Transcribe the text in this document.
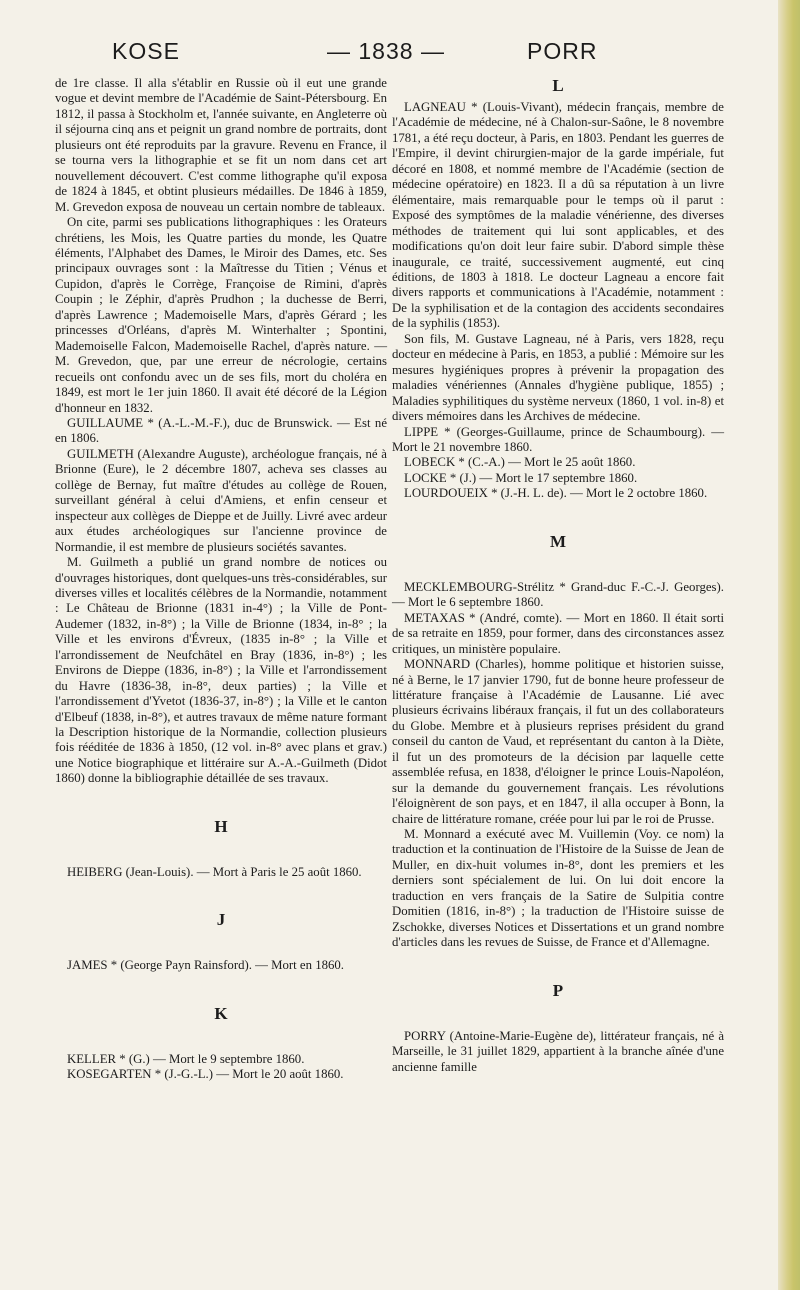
KOSE	— 1838 —	PORR

de 1re classe. Il alla s'établir en Russie où il eut une grande vogue et devint membre de l'Académie de Saint-Pétersbourg. En 1812, il passa à Stockholm et, l'année suivante, en Angleterre où il séjourna cinq ans et peignit un grand nombre de portraits, dont plusieurs ont été reproduits par la gravure. Revenu en France, il se tourna vers la lithographie et se fit un nom dans cet art nouvellement découvert. C'est comme lithographe qu'il exposa de 1824 à 1845, et obtint plusieurs médailles. De 1846 à 1859, M. Grevedon exposa de nouveau un certain nombre de tableaux.

On cite, parmi ses publications lithographiques : les Orateurs chrétiens, les Mois, les Quatre parties du monde, les Quatre éléments, l'Alphabet des Dames, le Miroir des Dames, etc. Ses principaux ouvrages sont : la Maîtresse du Titien ; Vénus et Cupidon, d'après le Corrège, Françoise de Rimini, d'après Coupin ; le Zéphir, d'après Prudhon ; la duchesse de Berri, d'après Lawrence ; Mademoiselle Mars, d'après Gérard ; les princesses d'Orléans, d'après M. Winterhalter ; Spontini, Mademoiselle Falcon, Mademoiselle Rachel, d'après nature. — M. Grevedon, que, par une erreur de nécrologie, certains recueils ont confondu avec un de ses fils, mort du choléra en 1849, est mort le 1er juin 1860. Il avait été décoré de la Légion d'honneur en 1832.

GUILLAUME * (A.-L.-M.-F.), duc de Brunswick. — Est né en 1806.

GUILMETH (Alexandre Auguste), archéologue français, né à Brionne (Eure), le 2 décembre 1807, acheva ses classes au collège de Bernay, fut maître d'études au collège de Rouen, surveillant général à celui d'Amiens, et enfin censeur et inspecteur aux collèges de Dieppe et de Juilly. Livré avec ardeur aux études archéologiques sur l'ancienne province de Normandie, il est membre de plusieurs sociétés savantes.

M. Guilmeth a publié un grand nombre de notices ou d'ouvrages historiques, dont quelques-uns très-considérables, sur diverses villes et localités célèbres de la Normandie, notamment : Le Château de Brionne (1831 in-4°) ; la Ville de Pont-Audemer (1832, in-8°) ; la Ville de Brionne (1834, in-8° ; la Ville et les environs d'Évreux, (1835 in-8° ; la Ville et l'arrondissement de Neufchâtel en Bray (1836, in-8°) ; les Environs de Dieppe (1836, in-8°) ; la Ville et l'arrondissement du Havre (1836-38, in-8°, deux parties) ; la Ville et l'arrondissement d'Yvetot (1836-37, in-8°) ; la Ville et le canton d'Elbeuf (1838, in-8°), et autres travaux de même nature formant la Description historique de la Normandie, collection plusieurs fois rééditée de 1836 à 1850, (12 vol. in-8° avec plans et grav.) une Notice biographique et littéraire sur A.-A.-Guilmeth (Didot 1860) donne la bibliographie détaillée de ses travaux.

H

HEIBERG (Jean-Louis). — Mort à Paris le 25 août 1860.

J

JAMES * (George Payn Rainsford). — Mort en 1860.

K

KELLER * (G.) — Mort le 9 septembre 1860.

KOSEGARTEN * (J.-G.-L.) — Mort le 20 août 1860.

L

LAGNEAU * (Louis-Vivant), médecin français, membre de l'Académie de médecine, né à Chalon-sur-Saône, le 8 novembre 1781, a été reçu docteur, à Paris, en 1803. Pendant les guerres de l'Empire, il devint chirurgien-major de la garde impériale, fut décoré en 1808, et nommé membre de l'Académie (section de médecine opératoire) en 1823. Il a dû sa réputation à un livre élémentaire, mais remarquable pour le temps où il parut : Exposé des symptômes de la maladie vénérienne, des diverses méthodes de traitement qui lui sont applicables, et des modifications qu'on doit leur faire subir. D'abord simple thèse inaugurale, ce traité, successivement augmenté, eut cinq éditions, de 1803 à 1818. Le docteur Lagneau a encore fait divers rapports et communications à l'Académie, notamment : De la syphilisation et de la contagion des accidents secondaires de la syphilis (1853).

Son fils, M. Gustave Lagneau, né à Paris, vers 1828, reçu docteur en médecine à Paris, en 1853, a publié : Mémoire sur les mesures hygiéniques propres à prévenir la propagation des maladies vénériennes (Annales d'hygiène publique, 1855) ; Maladies syphilitiques du système nerveux (1860, 1 vol. in-8) et divers mémoires dans les Archives de médecine.

LIPPE * (Georges-Guillaume, prince de Schaumbourg). — Mort le 21 novembre 1860.

LOBECK * (C.-A.) — Mort le 25 août 1860.

LOCKE * (J.) — Mort le 17 septembre 1860.

LOURDOUEIX * (J.-H. L. de). — Mort le 2 octobre 1860.

M

MECKLEMBOURG-Strélitz * Grand-duc F.-C.-J. Georges). — Mort le 6 septembre 1860.

METAXAS * (André, comte). — Mort en 1860. Il était sorti de sa retraite en 1859, pour former, dans des circonstances assez critiques, un ministère populaire.

MONNARD (Charles), homme politique et historien suisse, né à Berne, le 17 janvier 1790, fut de bonne heure professeur de littérature française à l'Académie de Lausanne. Lié avec plusieurs écrivains libéraux français, il fut un des collaborateurs du Globe. Membre et à plusieurs reprises président du grand conseil du canton de Vaud, et représentant du canton à la Diète, il fut un des promoteurs de la décision par laquelle cette assemblée refusa, en 1838, d'éloigner le prince Louis-Napoléon, sur la demande du gouvernement français. Les révolutions l'éloignèrent de son pays, et en 1847, il alla occuper à Bonn, la chaire de littérature romane, créée pour lui par le roi de Prusse.

M. Monnard a exécuté avec M. Vuillemin (Voy. ce nom) la traduction et la continuation de l'Histoire de la Suisse de Jean de Muller, en dix-huit volumes in-8°, dont les premiers et les derniers sont spécialement de lui. On lui doit encore la traduction en vers français de la Satire de Sulpitia contre Domitien (1816, in-8°) ; la traduction de l'Histoire suisse de Zschokke, diverses Notices et Dissertations et un grand nombre d'articles dans les revues de Suisse, de France et d'Allemagne.

P

PORRY (Antoine-Marie-Eugène de), littérateur français, né à Marseille, le 31 juillet 1829, appartient à la branche aînée d'une ancienne famille
